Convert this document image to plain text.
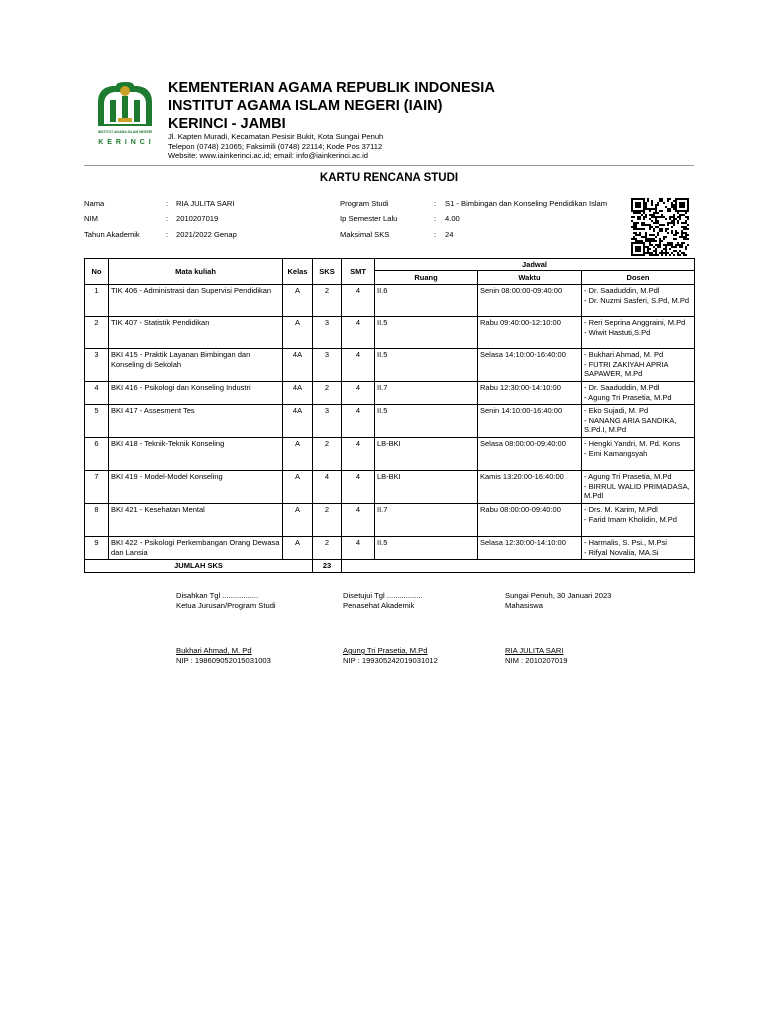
INSTITUT AGAMA ISLAM NEGERI
K E R I N C I
KEMENTERIAN AGAMA REPUBLIK INDONESIA
INSTITUT AGAMA ISLAM NEGERI (IAIN)
KERINCI - JAMBI
Jl. Kapten Muradi, Kecamatan Pesisir Bukit, Kota Sungai Penuh
Telepon (0748) 21065; Faksimili (0748) 22114; Kode Pos 37112
Website: www.iainkerinci.ac.id; email: info@iainkerinci.ac.id
KARTU RENCANA STUDI
Nama	: RIA JULITA SARI
NIM	: 2010207019
Tahun Akademik	: 2021/2022 Genap
Program Studi	: S1 - Bimbingan dan Konseling Pendidikan Islam
Ip Semester Lalu	: 4.00
Maksimal SKS	: 24
No	Mata kuliah	Kelas	SKS	SMT	Jadwal		
					Ruang	Waktu	Dosen
1	TIK 406 - Administrasi dan Supervisi Pendidikan	A	2	4	II.6	Senin 08:00:00-09:40:00	- Dr. Saaduddin, M.Pdl
- Dr. Nuzmi Sasferi, S.Pd, M.Pd

2	TIK 407 - Statistik Pendidikan	A	3	4	II.5	Rabu 09:40:00-12:10:00	- Reri Seprina Anggraini, M.Pd
- Wiwit Hastuti,S.Pd

3	BKI 415 - Praktik Layanan Bimbingan dan Konseling di Sekolah	4A	3	4	II.5	Selasa 14:10:00-16:40:00	- Bukhari Ahmad, M. Pd
- FUTRI ZAKIYAH APRIA SAPAWER, M.Pd

4	BKI 416 - Psikologi dan Konseling Industri	4A	2	4	II.7	Rabu 12:30:00-14:10:00	- Dr. Saaduddin, M.Pdl
- Agung Tri Prasetia, M.Pd

5	BKI 417 - Assesment Tes	4A	3	4	II.5	Senin 14:10:00-16:40:00	- Eko Sujadi, M. Pd
- NANANG ARIA SANDIKA, S.Pd.I, M.Pd

6	BKI 418 - Teknik-Teknik Konseling	A	2	4	LB-BKI	Selasa 08:00:00-09:40:00	- Hengki Yandri, M. Pd. Kons
- Emi Kamangsyah

7	BKI 419 - Model-Model Konseling	A	4	4	LB-BKI	Kamis 13:20:00-16:40:00	- Agung Tri Prasetia, M.Pd
- BIRRUL WALID PRIMADASA, M.Pdl

8	BKI 421 - Kesehatan Mental	A	2	4	II.7	Rabu 08:00:00-09:40:00	- Drs. M. Karim, M.Pdl
- Farid Imam Kholidin, M.Pd

9	BKI 422 - Psikologi Perkembangan Orang Dewasa dan Lansia	A	2	4	II.5	Selasa 12:30:00-14:10:00	- Harmalis, S. Psi., M.Psi
- Rifyal Novalia, MA.Si

JUMLAH SKS			23				
Disahkan Tgl .................
Ketua Jurusan/Program Studi
Bukhari Ahmad, M. Pd
NIP : 198609052015031003
Disetujui Tgl .................
Penasehat Akademik
Agung Tri Prasetia, M.Pd
NIP : 199305242019031012
Sungai Penuh, 30 Januari 2023
Mahasiswa
RIA JULITA SARI
NIM : 2010207019
